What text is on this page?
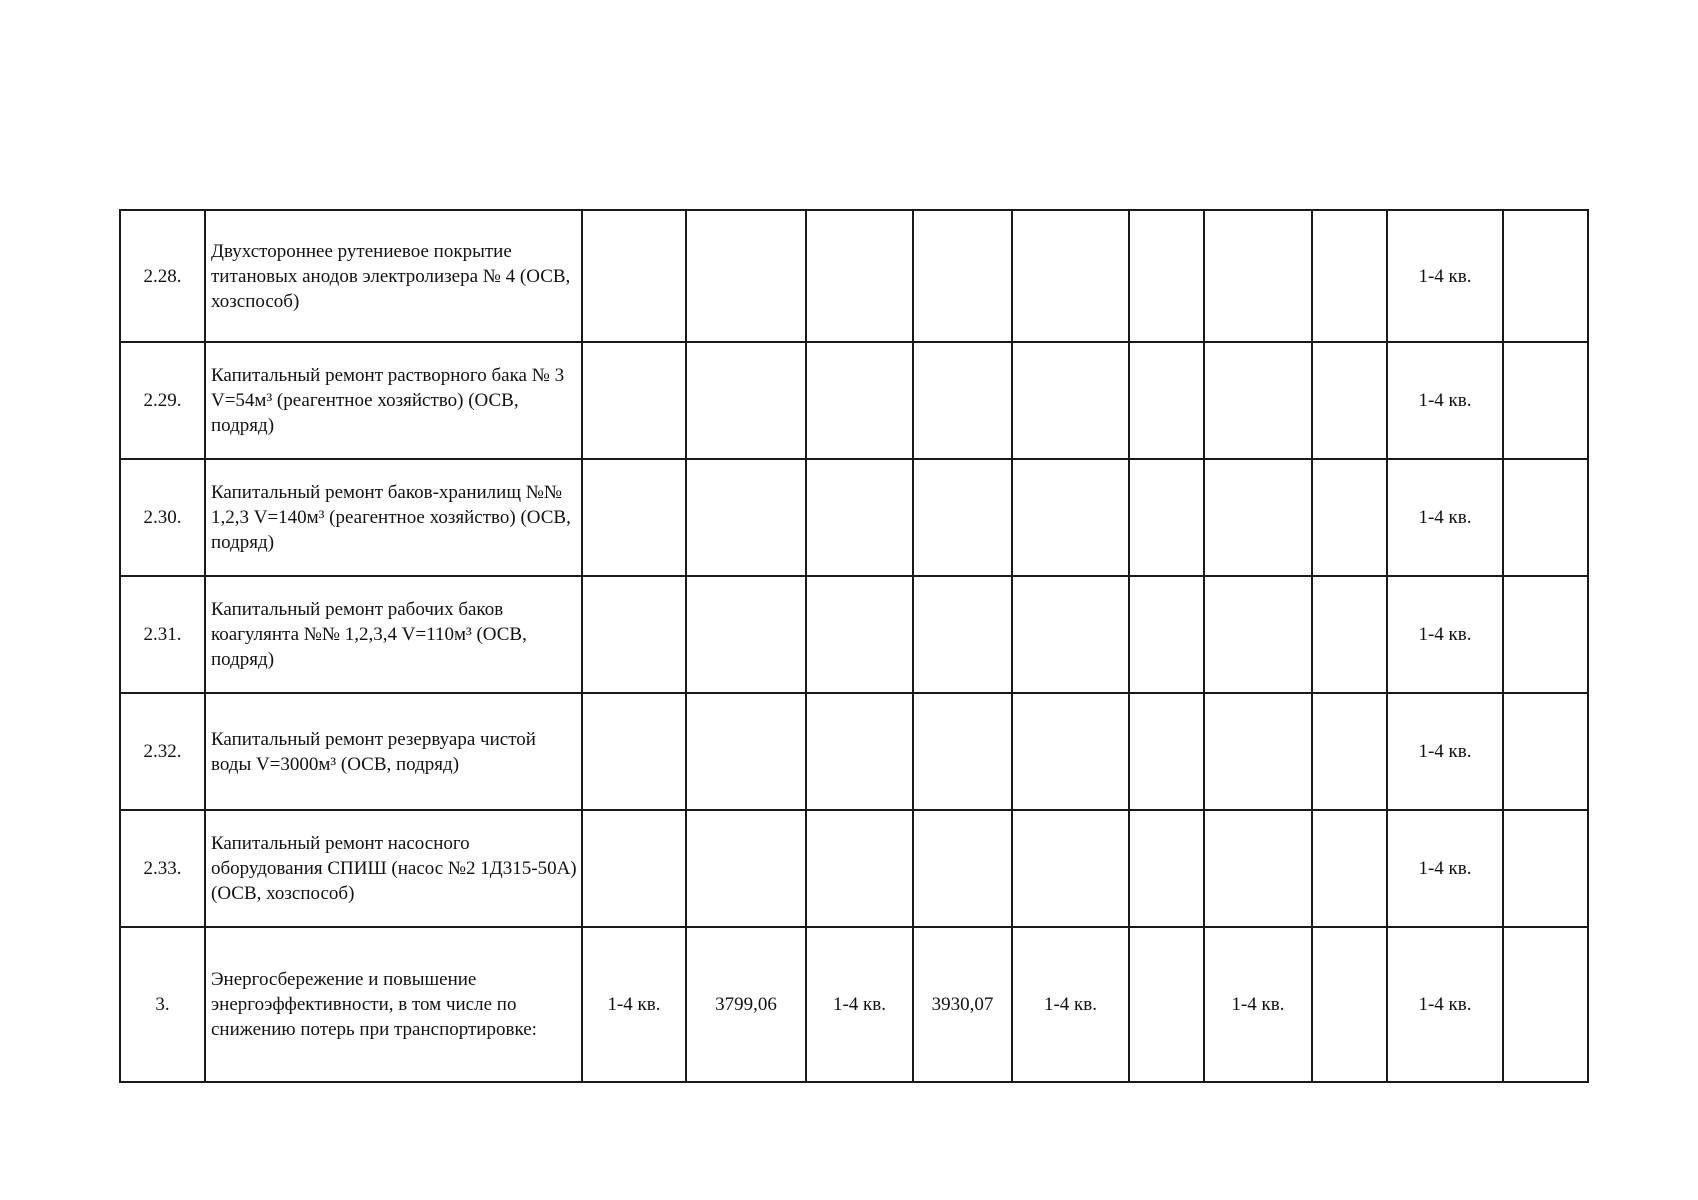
2.28.	Двухстороннее рутениевое покрытие титановых анодов электролизера № 4 (ОСВ, хозспособ)									1-4 кв.	
2.29.	Капитальный ремонт растворного бака № 3 V=54м³ (реагентное хозяйство) (ОСВ, подряд)									1-4 кв.	
2.30.	Капитальный ремонт баков-хранилищ №№ 1,2,3 V=140м³ (реагентное хозяйство) (ОСВ, подряд)									1-4 кв.	
2.31.	Капитальный ремонт рабочих баков коагулянта №№ 1,2,3,4 V=110м³ (ОСВ, подряд)									1-4 кв.	
2.32.	Капитальный ремонт резервуара чистой воды V=3000м³ (ОСВ, подряд)									1-4 кв.	
2.33.	Капитальный ремонт насосного оборудования СПИШ (насос №2 1Д315-50А) (ОСВ, хозспособ)									1-4 кв.	
3.	Энергосбережение и повышение энергоэффективности, в том числе по снижению потерь при транспортировке:	1-4 кв.	3799,06	1-4 кв.	3930,07	1-4 кв.		1-4 кв.		1-4 кв.	
